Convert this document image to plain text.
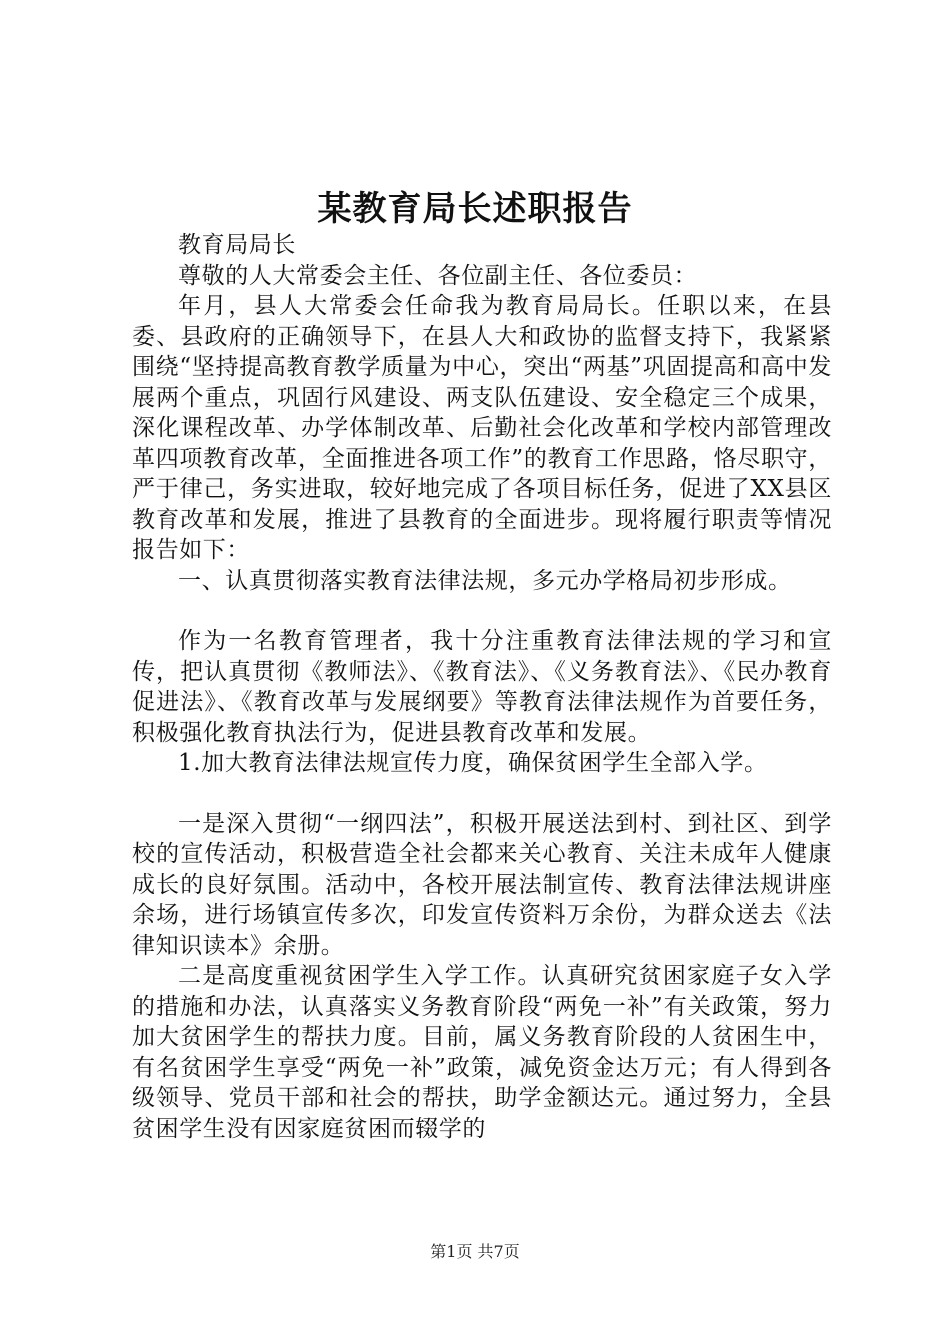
某教育局长述职报告

教育局局长

尊敬的人大常委会主任、各位副主任、各位委员：

年月，县人大常委会任命我为教育局局长。任职以来，在县委、县政府的正确领导下，在县人大和政协的监督支持下，我紧紧围绕“坚持提高教育教学质量为中心，突出“两基”巩固提高和高中发展两个重点，巩固行风建设、两支队伍建设、安全稳定三个成果，深化课程改革、办学体制改革、后勤社会化改革和学校内部管理改革四项教育改革，全面推进各项工作”的教育工作思路，恪尽职守，严于律己，务实进取，较好地完成了各项目标任务，促进了XX县区教育改革和发展，推进了县教育的全面进步。现将履行职责等情况报告如下：

一、认真贯彻落实教育法律法规，多元办学格局初步形成。

作为一名教育管理者，我十分注重教育法律法规的学习和宣传，把认真贯彻《教师法》、《教育法》、《义务教育法》、《民办教育促进法》、《教育改革与发展纲要》等教育法律法规作为首要任务，积极强化教育执法行为，促进县教育改革和发展。

1.加大教育法律法规宣传力度，确保贫困学生全部入学。

一是深入贯彻“一纲四法”，积极开展送法到村、到社区、到学校的宣传活动，积极营造全社会都来关心教育、关注未成年人健康成长的良好氛围。活动中，各校开展法制宣传、教育法律法规讲座余场，进行场镇宣传多次，印发宣传资料万余份，为群众送去《法律知识读本》余册。

二是高度重视贫困学生入学工作。认真研究贫困家庭子女入学的措施和办法，认真落实义务教育阶段“两免一补”有关政策，努力加大贫困学生的帮扶力度。目前，属义务教育阶段的人贫困生中，有名贫困学生享受“两免一补”政策，减免资金达万元；有人得到各级领导、党员干部和社会的帮扶，助学金额达元。通过努力，全县贫困学生没有因家庭贫困而辍学的

第1页 共7页
